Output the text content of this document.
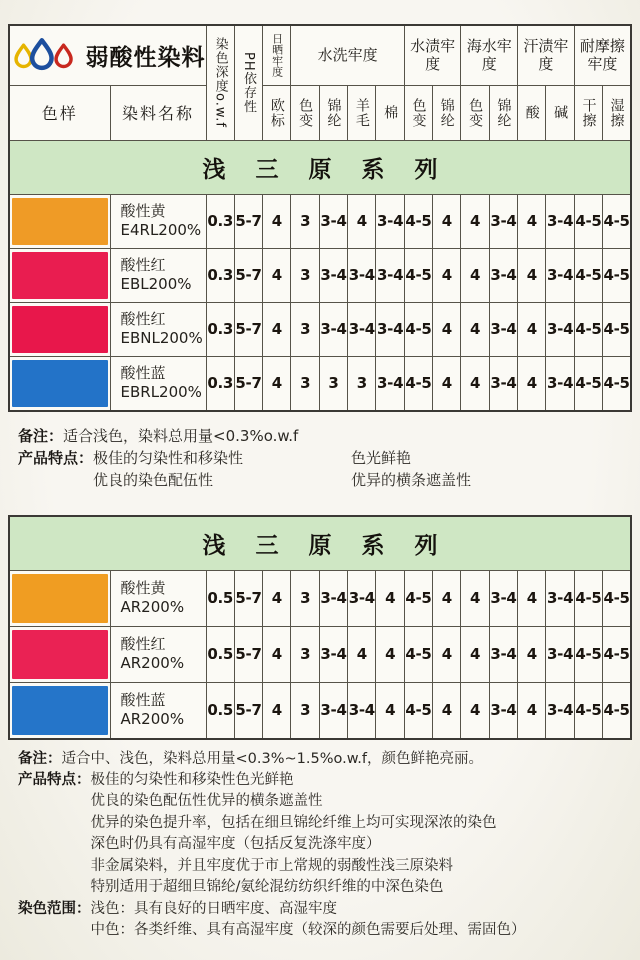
弱酸性染料		染色深度o.w.f	PH依存性	日晒牢度	水洗牢度				水渍牢度		海水牢度		汗渍牢度		耐摩擦牢度	
色样	染料名称			欧标	色变	锦纶	羊毛	棉	色变	锦纶	色变	锦纶	酸	碱	干擦	湿擦
浅 三 原 系 列																

	酸性黄
E4RL200%	0.3	5-7	4	3	3-4	4	3-4	4-5	4	4	3-4	4	3-4	4-5	4-5

	酸性红
EBL200%	0.3	5-7	4	3	3-4	3-4	3-4	4-5	4	4	3-4	4	3-4	4-5	4-5

	酸性红
EBNL200%	0.3	5-7	4	3	3-4	3-4	3-4	4-5	4	4	3-4	4	3-4	4-5	4-5

	酸性蓝
EBRL200%	0.3	5-7	4	3	3	3	3-4	4-5	4	4	3-4	4	3-4	4-5	4-5
备注： 适合浅色，染料总用量<0.3%o.w.f
产品特点： 极佳的匀染性和移染性
优良的染色配伍性
色光鲜艳
优异的横条遮盖性
浅 三 原 系 列																

	酸性黄
AR200%	0.5	5-7	4	3	3-4	3-4	4	4-5	4	4	3-4	4	3-4	4-5	4-5

	酸性红
AR200%	0.5	5-7	4	3	3-4	4	4	4-5	4	4	3-4	4	3-4	4-5	4-5

	酸性蓝
AR200%	0.5	5-7	4	3	3-4	3-4	4	4-5	4	4	3-4	4	3-4	4-5	4-5
备注： 适合中、浅色，染料总用量<0.3%~1.5%o.w.f，颜色鲜艳亮丽。
产品特点： 极佳的匀染性和移染性色光鲜艳
优良的染色配伍性优异的横条遮盖性
优异的染色提升率，包括在细旦锦纶纤维上均可实现深浓的染色
深色时仍具有高湿牢度（包括反复洗涤牢度）
非金属染料，并且牢度优于市上常规的弱酸性浅三原染料
特别适用于超细旦锦纶/氨纶混纺纺织纤维的中深色染色
染色范围： 浅色：具有良好的日晒牢度、高湿牢度
中色：各类纤维、具有高湿牢度（较深的颜色需要后处理、需固色）
